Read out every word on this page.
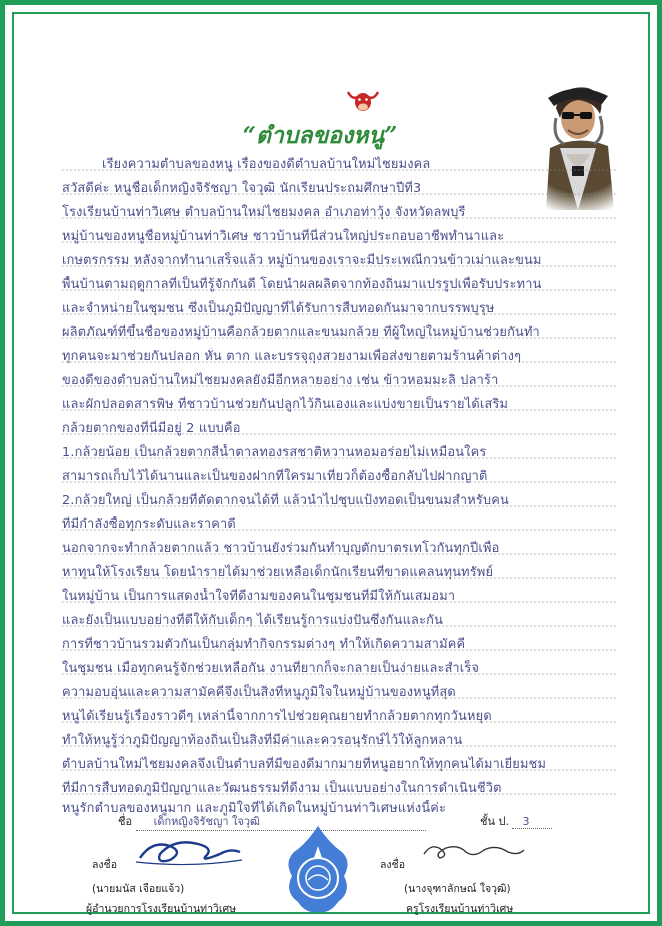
“ตำบลของหนู”
เรียงความตำบลของหนู เรื่องของดีตำบลบ้านใหม่ไชยมงคล
สวัสดีค่ะ หนูชื่อเด็กหญิงจิรัชญา ใจวุฒิ นักเรียนประถมศึกษาปีที่3
โรงเรียนบ้านท่าวิเศษ ตำบลบ้านใหม่ไชยมงคล อำเภอท่าวุ้ง จังหวัดลพบุรี
หมู่บ้านของหนูชื่อหมู่บ้านท่าวิเศษ ชาวบ้านที่นี่ส่วนใหญ่ประกอบอาชีพทำนาและ
เกษตรกรรม หลังจากทำนาเสร็จแล้ว หมู่บ้านของเราจะมีประเพณีกวนข้าวเม่าและขนม
พื้นบ้านตามฤดูกาลที่เป็นที่รู้จักกันดี โดยนำผลผลิตจากท้องถิ่นมาแปรรูปเพื่อรับประทาน
และจำหน่ายในชุมชน ซึ่งเป็นภูมิปัญญาที่ได้รับการสืบทอดกันมาจากบรรพบุรุษ
ผลิตภัณฑ์ที่ขึ้นชื่อของหมู่บ้านคือกล้วยตากและขนมกล้วย ที่ผู้ใหญ่ในหมู่บ้านช่วยกันทำ
ทุกคนจะมาช่วยกันปลอก หั่น ตาก และบรรจุถุงสวยงามเพื่อส่งขายตามร้านค้าต่างๆ
ของดีของตำบลบ้านใหม่ไชยมงคลยังมีอีกหลายอย่าง เช่น ข้าวหอมมะลิ ปลาร้า
และผักปลอดสารพิษ ที่ชาวบ้านช่วยกันปลูกไว้กินเองและแบ่งขายเป็นรายได้เสริม
กล้วยตากของที่นี่มีอยู่ 2 แบบคือ
1.กล้วยน้อย เป็นกล้วยตากสีน้ำตาลทองรสชาติหวานหอมอร่อยไม่เหมือนใคร
สามารถเก็บไว้ได้นานและเป็นของฝากที่ใครมาเที่ยวก็ต้องซื้อกลับไปฝากญาติ
2.กล้วยใหญ่ เป็นกล้วยที่ตัดตากจนได้ที่ แล้วนำไปชุบแป้งทอดเป็นขนมสำหรับคน
ที่มีกำลังซื้อทุกระดับและราคาดี
นอกจากจะทำกล้วยตากแล้ว ชาวบ้านยังร่วมกันทำบุญตักบาตรเทโวกันทุกปีเพื่อ
หาทุนให้โรงเรียน โดยนำรายได้มาช่วยเหลือเด็กนักเรียนที่ขาดแคลนทุนทรัพย์
ในหมู่บ้าน เป็นการแสดงน้ำใจที่ดีงามของคนในชุมชนที่มีให้กันเสมอมา
และยังเป็นแบบอย่างที่ดีให้กับเด็กๆ ได้เรียนรู้การแบ่งปันซึ่งกันและกัน
การที่ชาวบ้านรวมตัวกันเป็นกลุ่มทำกิจกรรมต่างๆ ทำให้เกิดความสามัคคี
ในชุมชน เมื่อทุกคนรู้จักช่วยเหลือกัน งานที่ยากก็จะกลายเป็นง่ายและสำเร็จ
ความอบอุ่นและความสามัคคีจึงเป็นสิ่งที่หนูภูมิใจในหมู่บ้านของหนูที่สุด
หนูได้เรียนรู้เรื่องราวดีๆ เหล่านี้จากการไปช่วยคุณยายทำกล้วยตากทุกวันหยุด
ทำให้หนูรู้ว่าภูมิปัญญาท้องถิ่นเป็นสิ่งที่มีค่าและควรอนุรักษ์ไว้ให้ลูกหลาน
ตำบลบ้านใหม่ไชยมงคลจึงเป็นตำบลที่มีของดีมากมายที่หนูอยากให้ทุกคนได้มาเยี่ยมชม
ที่มีการสืบทอดภูมิปัญญาและวัฒนธรรมที่ดีงาม เป็นแบบอย่างในการดำเนินชีวิต
หนูรักตำบลของหนูมาก และภูมิใจที่ได้เกิดในหมู่บ้านท่าวิเศษแห่งนี้ค่ะ
ชื่อ เด็กหญิงจิรัชญา ใจวุฒิ	ชั้น ป. 3
ลงชื่อ
(นายมนัส เจือยแจ้ว)
ผู้อำนวยการโรงเรียนบ้านท่าวิเศษ
ลงชื่อ
(นางจุฑาลักษณ์ ใจวุฒิ)
ครูโรงเรียนบ้านท่าวิเศษ
